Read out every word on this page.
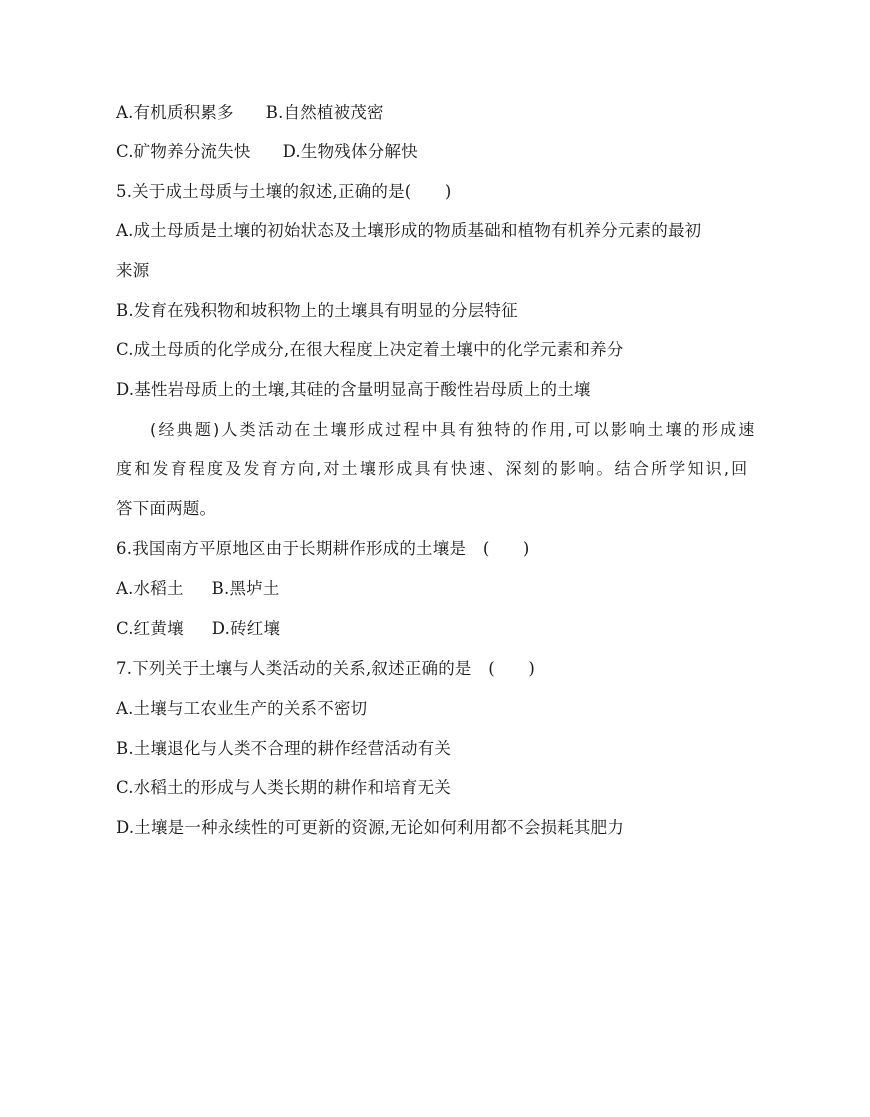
A.有机质积累多 B.自然植被茂密
C.矿物养分流失快 D.生物残体分解快
5.关于成土母质与土壤的叙述,正确的是(　　)
A.成土母质是土壤的初始状态及土壤形成的物质基础和植物有机养分元素的最初
来源
B.发育在残积物和坡积物上的土壤具有明显的分层特征
C.成土母质的化学成分,在很大程度上决定着土壤中的化学元素和养分
D.基性岩母质上的土壤,其硅的含量明显高于酸性岩母质上的土壤
(经典题)人类活动在土壤形成过程中具有独特的作用,可以影响土壤的形成速
度和发育程度及发育方向,对土壤形成具有快速、深刻的影响。结合所学知识,回
答下面两题。
6.我国南方平原地区由于长期耕作形成的土壤是　(　　)
A.水稻土 B.黑垆土
C.红黄壤 D.砖红壤
7.下列关于土壤与人类活动的关系,叙述正确的是　(　　)
A.土壤与工农业生产的关系不密切
B.土壤退化与人类不合理的耕作经营活动有关
C.水稻土的形成与人类长期的耕作和培育无关
D.土壤是一种永续性的可更新的资源,无论如何利用都不会损耗其肥力
